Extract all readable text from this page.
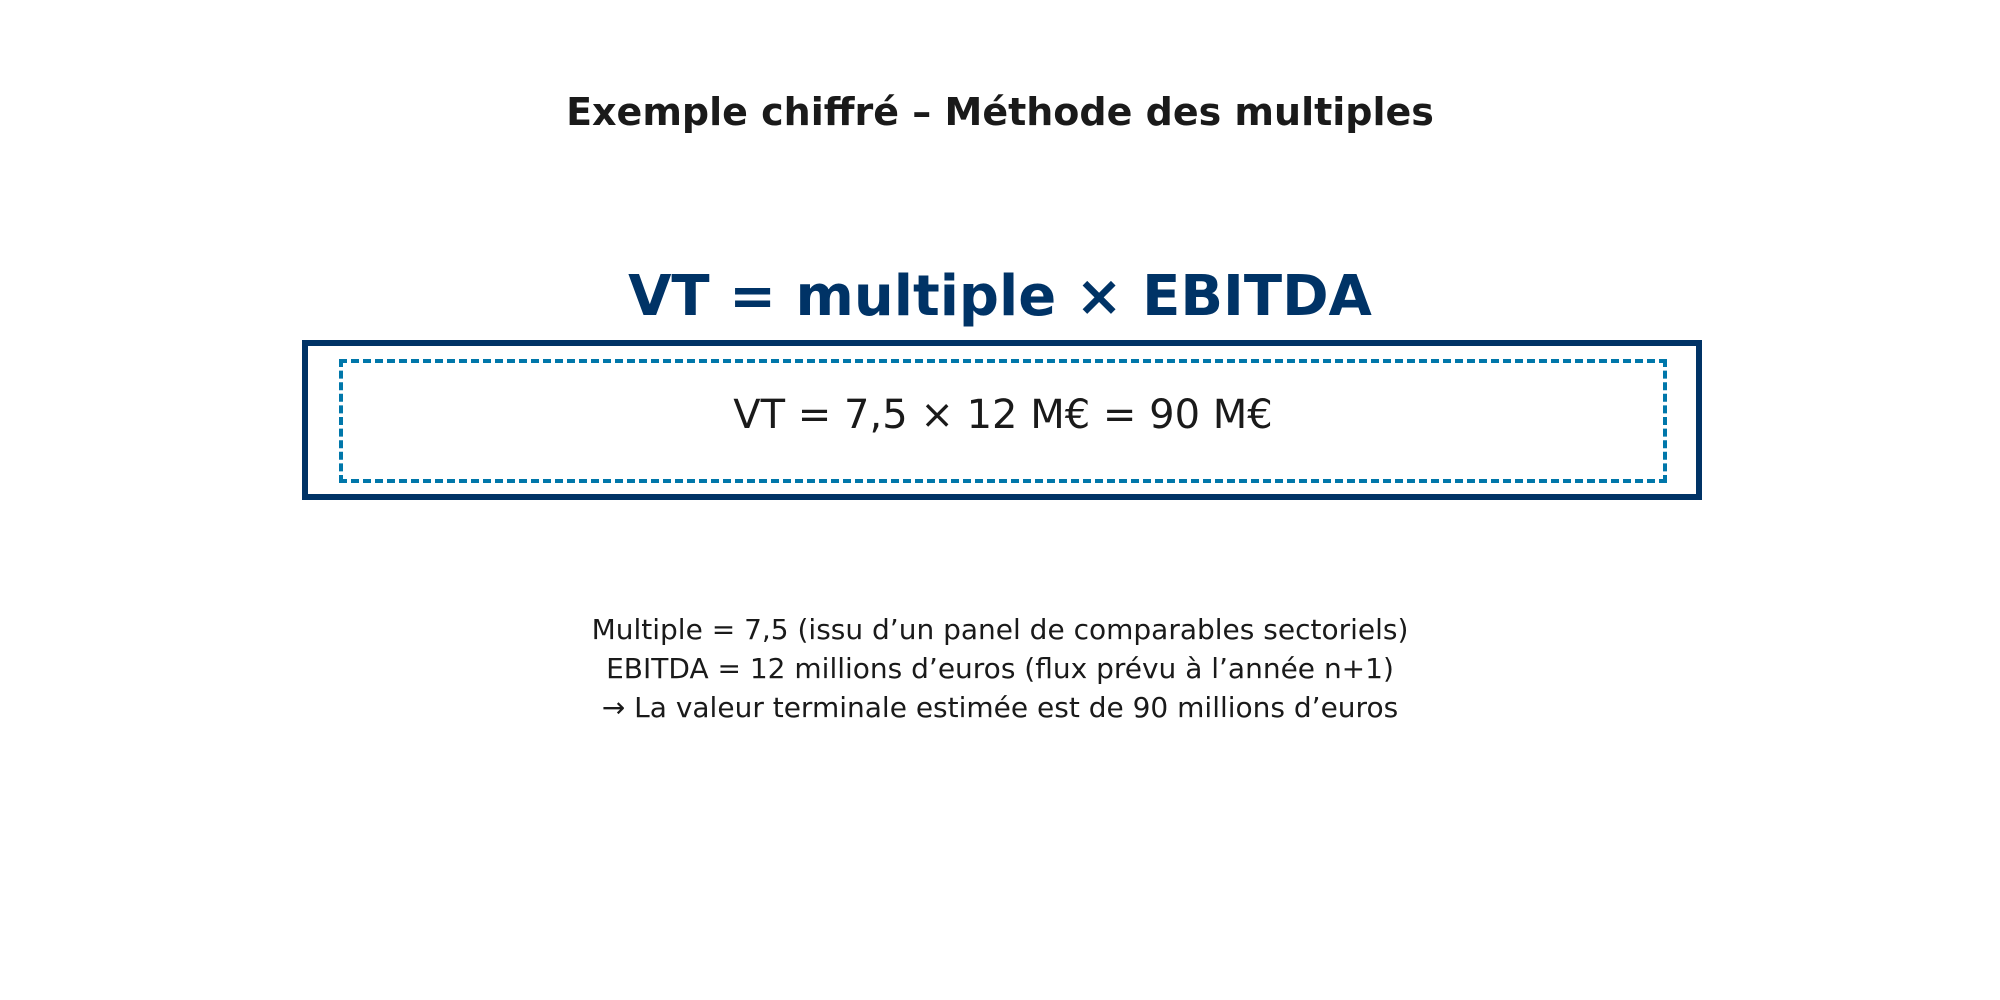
Exemple chiffré – Méthode des multiples
VT = multiple × EBITDA
VT = 7,5 × 12 M€ = 90 M€
Multiple = 7,5 (issu d’un panel de comparables sectoriels)
EBITDA = 12 millions d’euros (flux prévu à l’année n+1)
→ La valeur terminale estimée est de 90 millions d’euros
